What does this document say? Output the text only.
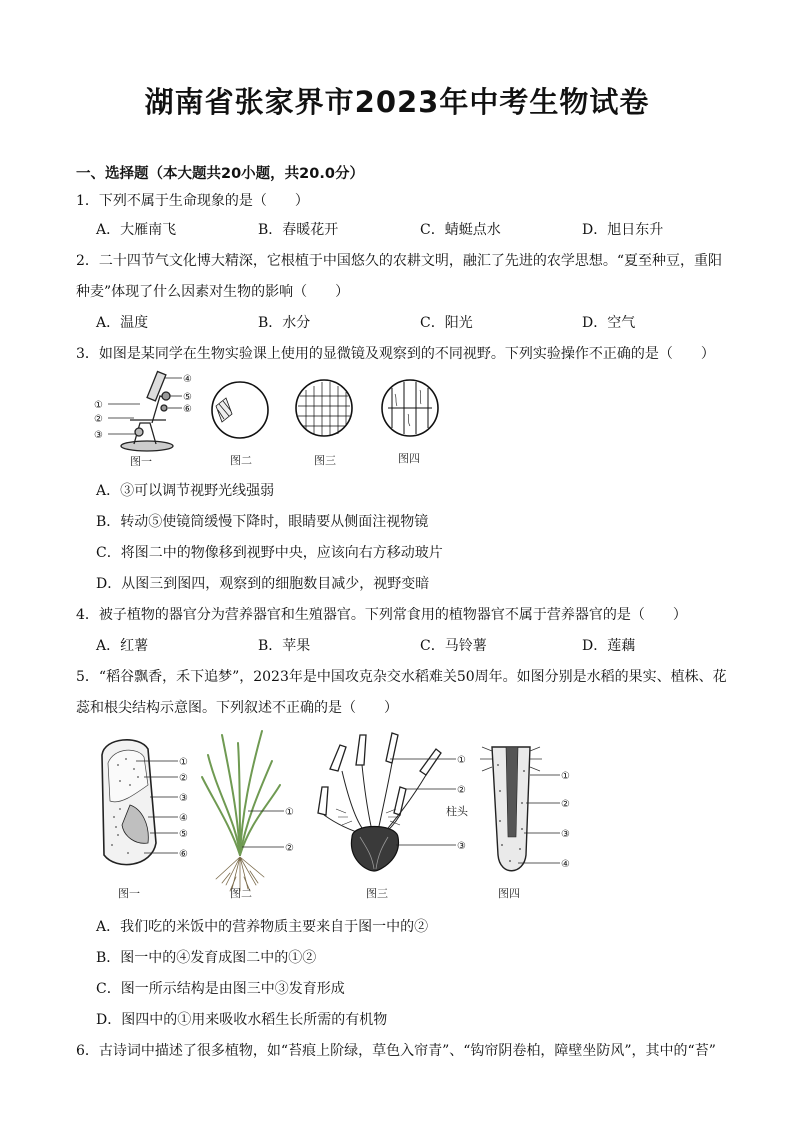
湖南省张家界市2023年中考生物试卷
一、选择题（本大题共20小题，共20.0分）
1．下列不属于生命现象的是（　　）
A．大雁南飞	B．春暖花开	C．蜻蜓点水	D．旭日东升
2．二十四节气文化博大精深，它根植于中国悠久的农耕文明，融汇了先进的农学思想。“夏至种豆，重阳
种麦”体现了什么因素对生物的影响（　　）
A．温度	B．水分	C．阳光	D．空气
3．如图是某同学在生物实验课上使用的显微镜及观察到的不同视野。下列实验操作不正确的是（　　）
①
②
③
④
⑤
⑥
图一	图二	图三	图四
A．③可以调节视野光线强弱
B．转动⑤使镜筒缓慢下降时，眼睛要从侧面注视物镜
C．将图二中的物像移到视野中央，应该向右方移动玻片
D．从图三到图四，观察到的细胞数目减少，视野变暗
4．被子植物的器官分为营养器官和生殖器官。下列常食用的植物器官不属于营养器官的是（　　）
A．红薯	B．苹果	C．马铃薯	D．莲藕
5．“稻谷飘香，禾下追梦”，2023年是中国攻克杂交水稻难关50周年。如图分别是水稻的果实、植株、花
蕊和根尖结构示意图。下列叙述不正确的是（　　）
①
②
③
④
⑤
⑥
图一
①
②
图二
①
②
柱头
③
图三
①
②
③
④
图四
A．我们吃的米饭中的营养物质主要来自于图一中的②
B．图一中的④发育成图二中的①②
C．图一所示结构是由图三中③发育形成
D．图四中的①用来吸收水稻生长所需的有机物
6．古诗词中描述了很多植物，如“苔痕上阶绿，草色入帘青”、“钩帘阴卷柏，障壁坐防风”，其中的“苔”
